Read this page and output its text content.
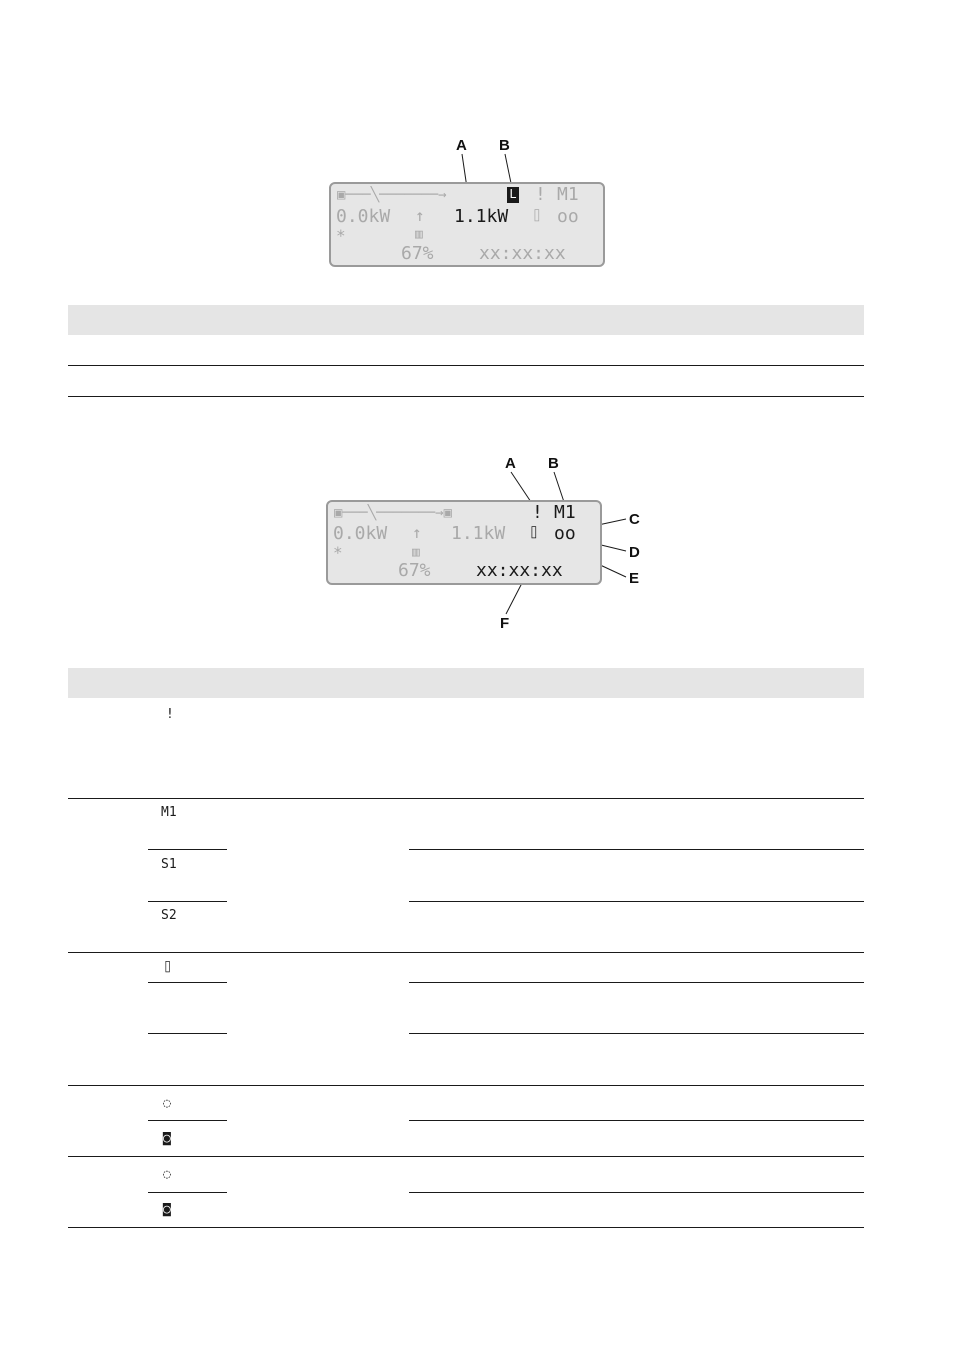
A B
▣───╲───────→	L ! M1
0.0kW ↑ 1.1kW ⌷ oo
*	▥
67%	xx:xx:xx
A B
C
D
E
F
▣───╲───────→▣	! M1
0.0kW ↑ 1.1kW ⌷ oo
*	▥
67%	xx:xx:xx
!
M1
S1
S2
⌷
◌
◙
◌
◙
